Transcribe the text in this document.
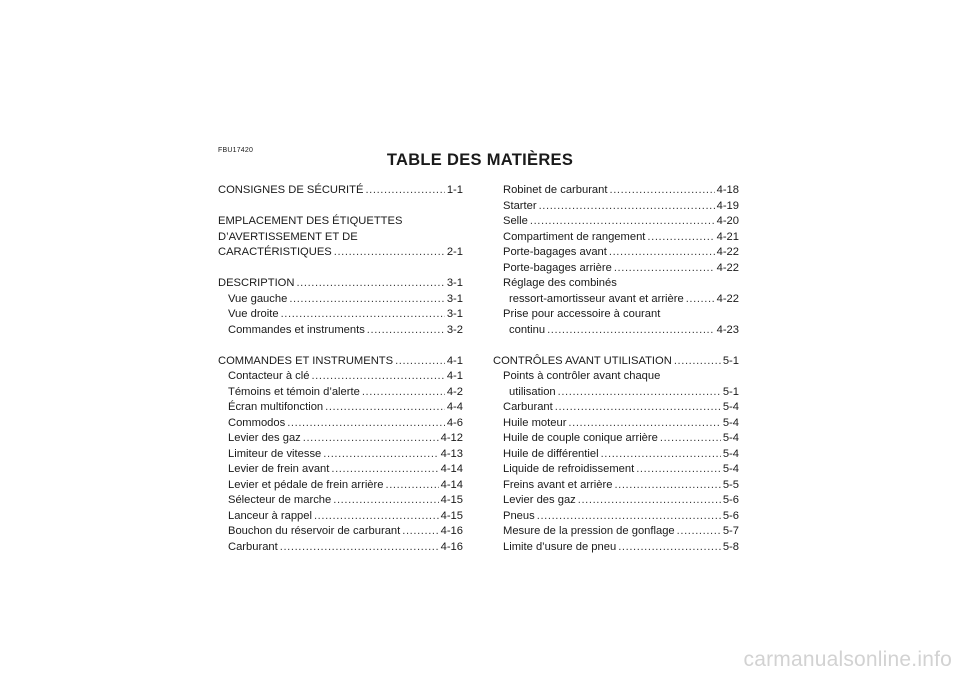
FBU17420
TABLE DES MATIÈRES
CONSIGNES DE SÉCURITÉ .....	1-1
EMPLACEMENT DES ÉTIQUETTES
D’AVERTISSEMENT ET DE
CARACTÉRISTIQUES .....	2-1
DESCRIPTION .....	3-1
Vue gauche .....	3-1
Vue droite .....	3-1
Commandes et instruments .....	3-2
COMMANDES ET INSTRUMENTS .....	4-1
Contacteur à clé .....	4-1
Témoins et témoin d’alerte .....	4-2
Écran multifonction .....	4-4
Commodos .....	4-6
Levier des gaz .....	4-12
Limiteur de vitesse .....	4-13
Levier de frein avant .....	4-14
Levier et pédale de frein arrière .....	4-14
Sélecteur de marche .....	4-15
Lanceur à rappel .....	4-15
Bouchon du réservoir de carburant .....	4-16
Carburant .....	4-16
Robinet de carburant .....	4-18
Starter .....	4-19
Selle .....	4-20
Compartiment de rangement .....	4-21
Porte-bagages avant .....	4-22
Porte-bagages arrière .....	4-22
Réglage des combinés
ressort-amortisseur avant et arrière .....	4-22
Prise pour accessoire à courant
continu .....	4-23
CONTRÔLES AVANT UTILISATION .....	5-1
Points à contrôler avant chaque
utilisation .....	5-1
Carburant .....	5-4
Huile moteur .....	5-4
Huile de couple conique arrière .....	5-4
Huile de différentiel .....	5-4
Liquide de refroidissement .....	5-4
Freins avant et arrière .....	5-5
Levier des gaz .....	5-6
Pneus .....	5-6
Mesure de la pression de gonflage .....	5-7
Limite d’usure de pneu .....	5-8
carmanualsonline.info
